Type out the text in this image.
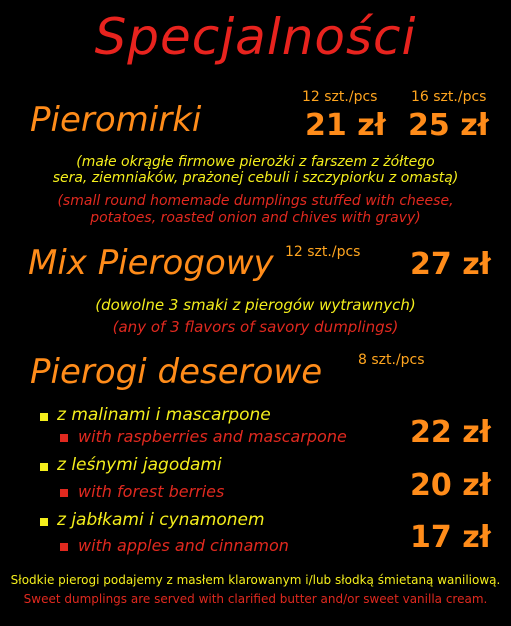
Specjalności
Pieromirki
12 szt./pcs 16 szt./pcs
21 zł 25 zł
(małe okrągłe firmowe pierożki z farszem z żółtego
sera, ziemniaków, prażonej cebuli i szczypiorku z omastą)
(small round homemade dumplings stuffed with cheese,
potatoes, roasted onion and chives with gravy)
Mix Pierogowy 12 szt./pcs 27 zł
(dowolne 3 smaki z pierogów wytrawnych)
(any of 3 flavors of savory dumplings)
Pierogi deserowe	8 szt./pcs
z malinami i mascarpone
with raspberries and mascarpone 22 zł
z leśnymi jagodami
with forest berries	20 zł
z jabłkami i cynamonem
with apples and cinnamon	17 zł
Słodkie pierogi podajemy z masłem klarowanym i/lub słodką śmietaną waniliową.
Sweet dumplings are served with clarified butter and/or sweet vanilla cream.
